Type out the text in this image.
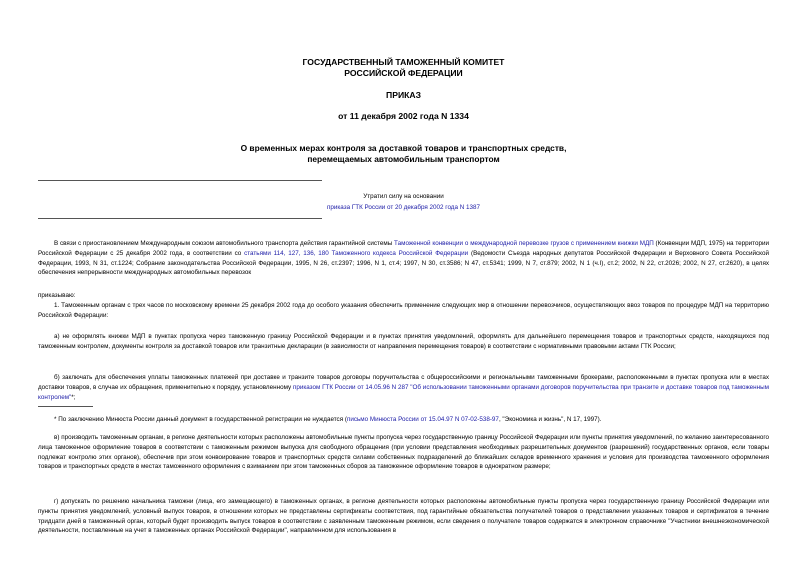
ГОСУДАРСТВЕННЫЙ ТАМОЖЕННЫЙ КОМИТЕТ
РОССИЙСКОЙ ФЕДЕРАЦИИ
ПРИКАЗ
от 11 декабря 2002 года N 1334
О временных мерах контроля за доставкой товаров и транспортных средств,
перемещаемых автомобильным транспортом
Утратил силу на основании
приказа ГТК России от 20 декабря 2002 года N 1387
В связи с приостановлением Международным союзом автомобильного транспорта действия гарантийной системы Таможенной конвенции о международной перевозке грузов с применением книжки МДП (Конвенции МДП, 1975) на территории Российской Федерации с 25 декабря 2002 года, в соответствии со статьями 114, 127, 136, 180 Таможенного кодекса Российской Федерации (Ведомости Съезда народных депутатов Российской Федерации и Верховного Совета Российской Федерации, 1993, N 31, ст.1224; Собрание законодательства Российской Федерации, 1995, N 26, ст.2397; 1996, N 1, ст.4; 1997, N 30, ст.3586; N 47, ст.5341; 1999, N 7, ст.879; 2002, N 1 (ч.I), ст.2; 2002, N 22, ст.2026; 2002, N 27, ст.2620), в целях обеспечения непрерывности международных автомобильных перевозок
приказываю:
1. Таможенным органам с трех часов по московскому времени 25 декабря 2002 года до особого указания обеспечить применение следующих мер в отношении перевозчиков, осуществляющих ввоз товаров по процедуре МДП на территорию Российской Федерации:
а) не оформлять книжки МДП в пунктах пропуска через таможенную границу Российской Федерации и в пунктах принятия уведомлений, оформлять для дальнейшего перемещения товаров и транспортных средств, находящихся под таможенным контролем, документы контроля за доставкой товаров или транзитные декларации (в зависимости от направления перемещения товаров) в соответствии с нормативными правовыми актами ГТК России;
б) заключать для обеспечения уплаты таможенных платежей при доставке и транзите товаров договоры поручительства с общероссийскими и региональными таможенными брокерами, расположенными в пунктах пропуска или в местах доставки товаров, в случае их обращения, применительно к порядку, установленному приказом ГТК России от 14.05.96 N 287 "Об использовании таможенными органами договоров поручительства при транзите и доставке товаров под таможенным контролем"*;
* По заключению Минюста России данный документ в государственной регистрации не нуждается (письмо Минюста России от 15.04.97 N 07-02-538-97, "Экономика и жизнь", N 17, 1997).
в) производить таможенным органам, в регионе деятельности которых расположены автомобильные пункты пропуска через государственную границу Российской Федерации или пункты принятия уведомлений, по желанию заинтересованного лица таможенное оформление товаров в соответствии с таможенным режимом выпуска для свободного обращения (при условии представления необходимых разрешительных документов (разрешений) государственных органов, если товары подлежат контролю этих органов), обеспечив при этом конвоирование товаров и транспортных средств силами собственных подразделений до ближайших складов временного хранения и условия для производства таможенного оформления товаров и транспортных средств в местах таможенного оформления с взиманием при этом таможенных сборов за таможенное оформление товаров в однократном размере;
г) допускать по решению начальника таможни (лица, его замещающего) в таможенных органах, в регионе деятельности которых расположены автомобильные пункты пропуска через государственную границу Российской Федерации или пункты принятия уведомлений, условный выпуск товаров, в отношении которых не представлены сертификаты соответствия, под гарантийные обязательства получателей товаров о представлении указанных товаров и сертификатов в течение тридцати дней в таможенный орган, который будет производить выпуск товаров в соответствии с заявленным таможенным режимом, если сведения о получателе товаров содержатся в электронном справочнике "Участники внешнеэкономической деятельности, поставленные на учет в таможенных органах Российской Федерации", направленном для использования в
